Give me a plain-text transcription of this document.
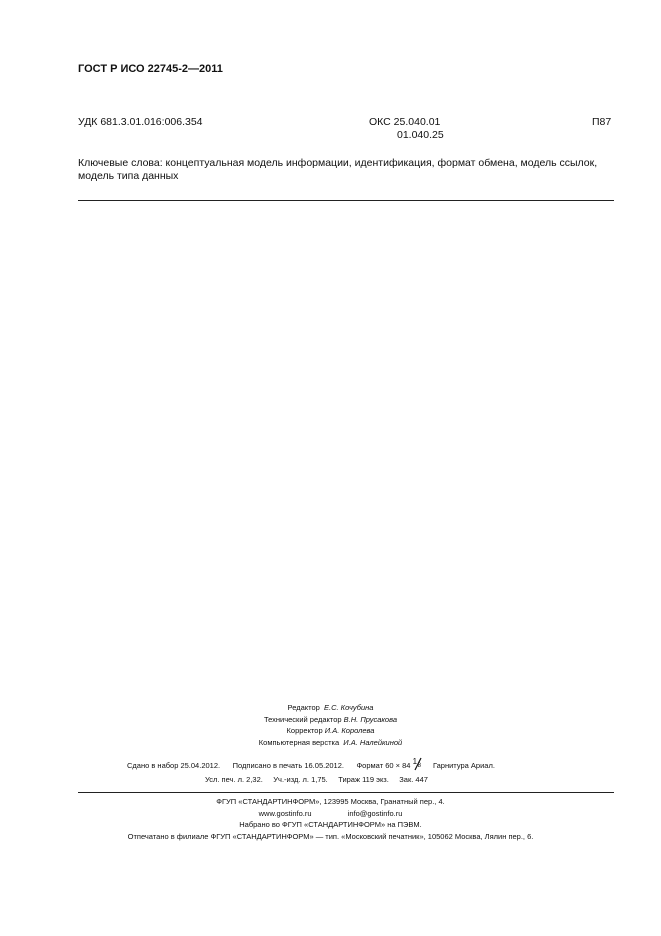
ГОСТ Р ИСО 22745-2—2011
УДК 681.3.01.016:006.354	ОКС 25.040.01
01.040.25
П87
Ключевые слова: концептуальная модель информации, идентификация, формат обмена, модель ссылок, модель типа данных
Редактор Е.С. Кочубина
Технический редактор В.Н. Прусакова
Корректор И.А. Королева
Компьютерная верстка И.А. Налейкиной
Сдано в набор 25.04.2012. Подписано в печать 16.05.2012. Формат 60 × 84 1 8 Гарнитура Ариал.
Усл. печ. л. 2,32. Уч.-изд. л. 1,75. Тираж 119 экз. Зак. 447
ФГУП «СТАНДАРТИНФОРМ», 123995 Москва, Гранатный пер., 4.
www.gostinfo.ru	info@gostinfo.ru
Набрано во ФГУП «СТАНДАРТИНФОРМ» на ПЭВМ.
Отпечатано в филиале ФГУП «СТАНДАРТИНФОРМ» — тип. «Московский печатник», 105062 Москва, Лялин пер., 6.
